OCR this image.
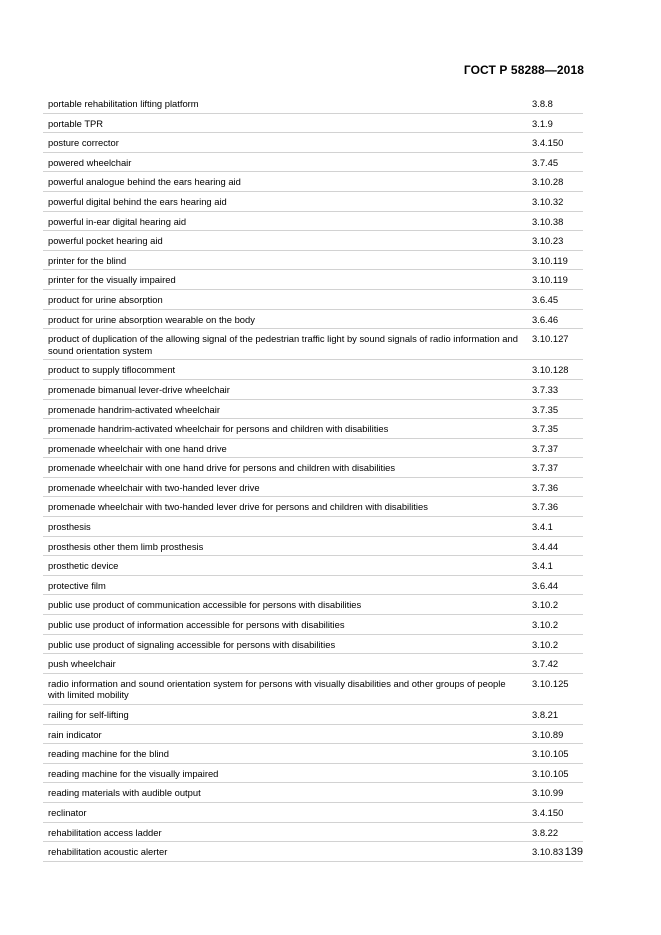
ГОСТ Р 58288—2018
portable rehabilitation lifting platform	3.8.8
portable TPR	3.1.9
posture corrector	3.4.150
powered wheelchair	3.7.45
powerful analogue behind the ears hearing aid	3.10.28
powerful digital behind the ears hearing aid	3.10.32
powerful in-ear digital hearing aid	3.10.38
powerful pocket hearing aid	3.10.23
printer for the blind	3.10.119
printer for the visually impaired	3.10.119
product for urine absorption	3.6.45
product for urine absorption wearable on the body	3.6.46
product of duplication of the allowing signal of the pedestrian traffic light by sound signals of radio information and sound orientation system
3.10.127
product to supply tiflocomment	3.10.128
promenade bimanual lever-drive wheelchair	3.7.33
promenade handrim-activated wheelchair	3.7.35
promenade handrim-activated wheelchair for persons and children with disabilities	3.7.35
promenade wheelchair with one hand drive	3.7.37
promenade wheelchair with one hand drive for persons and children with disabilities	3.7.37
promenade wheelchair with two-handed lever drive	3.7.36
promenade wheelchair with two-handed lever drive for persons and children with disabilities	3.7.36
prosthesis	3.4.1
prosthesis other them limb prosthesis	3.4.44
prosthetic device	3.4.1
protective film	3.6.44
public use product of communication accessible for persons with disabilities	3.10.2
public use product of information accessible for persons with disabilities	3.10.2
public use product of signaling accessible for persons with disabilities	3.10.2
push wheelchair	3.7.42
radio information and sound orientation system for persons with visually disabilities and other groups of people with limited mobility
3.10.125
railing for self-lifting	3.8.21
rain indicator	3.10.89
reading machine for the blind	3.10.105
reading machine for the visually impaired	3.10.105
reading materials with audible output	3.10.99
reclinator	3.4.150
rehabilitation access ladder	3.8.22
rehabilitation acoustic alerter	3.10.83 139
